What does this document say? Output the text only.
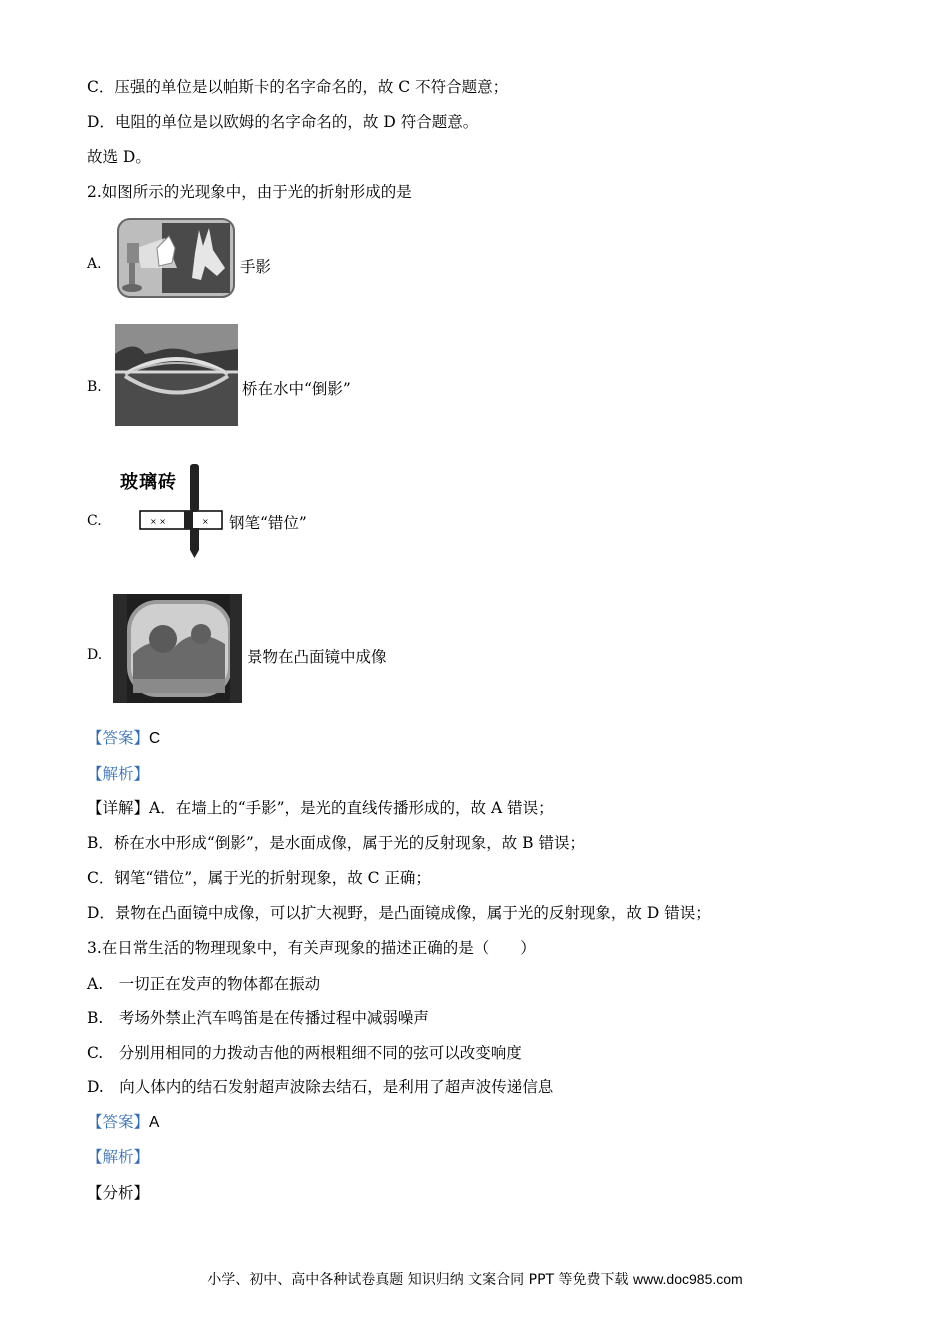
C．压强的单位是以帕斯卡的名字命名的，故 C 不符合题意；
D．电阻的单位是以欧姆的名字命名的，故 D 符合题意。
故选 D。
2.如图所示的光现象中，由于光的折射形成的是
A.	手影
B.	桥在水中“倒影”
C.
玻璃砖
× ×	× 钢笔“错位”
D.	景物在凸面镜中成像
【答案】C
【解析】
【详解】A．在墙上的“手影”，是光的直线传播形成的，故 A 错误；
B．桥在水中形成“倒影”，是水面成像，属于光的反射现象，故 B 错误；
C．钢笔“错位”，属于光的折射现象，故 C 正确；
D．景物在凸面镜中成像，可以扩大视野，是凸面镜成像，属于光的反射现象，故 D 错误；
3.在日常生活的物理现象中，有关声现象的描述正确的是（　　）
A.　一切正在发声的物体都在振动
B.　考场外禁止汽车鸣笛是在传播过程中减弱噪声
C.　分别用相同的力拨动吉他的两根粗细不同的弦可以改变响度
D.　向人体内的结石发射超声波除去结石，是利用了超声波传递信息
【答案】A
【解析】
【分析】
小学、初中、高中各种试卷真题 知识归纳 文案合同 PPT 等免费下载 www.doc985.com
